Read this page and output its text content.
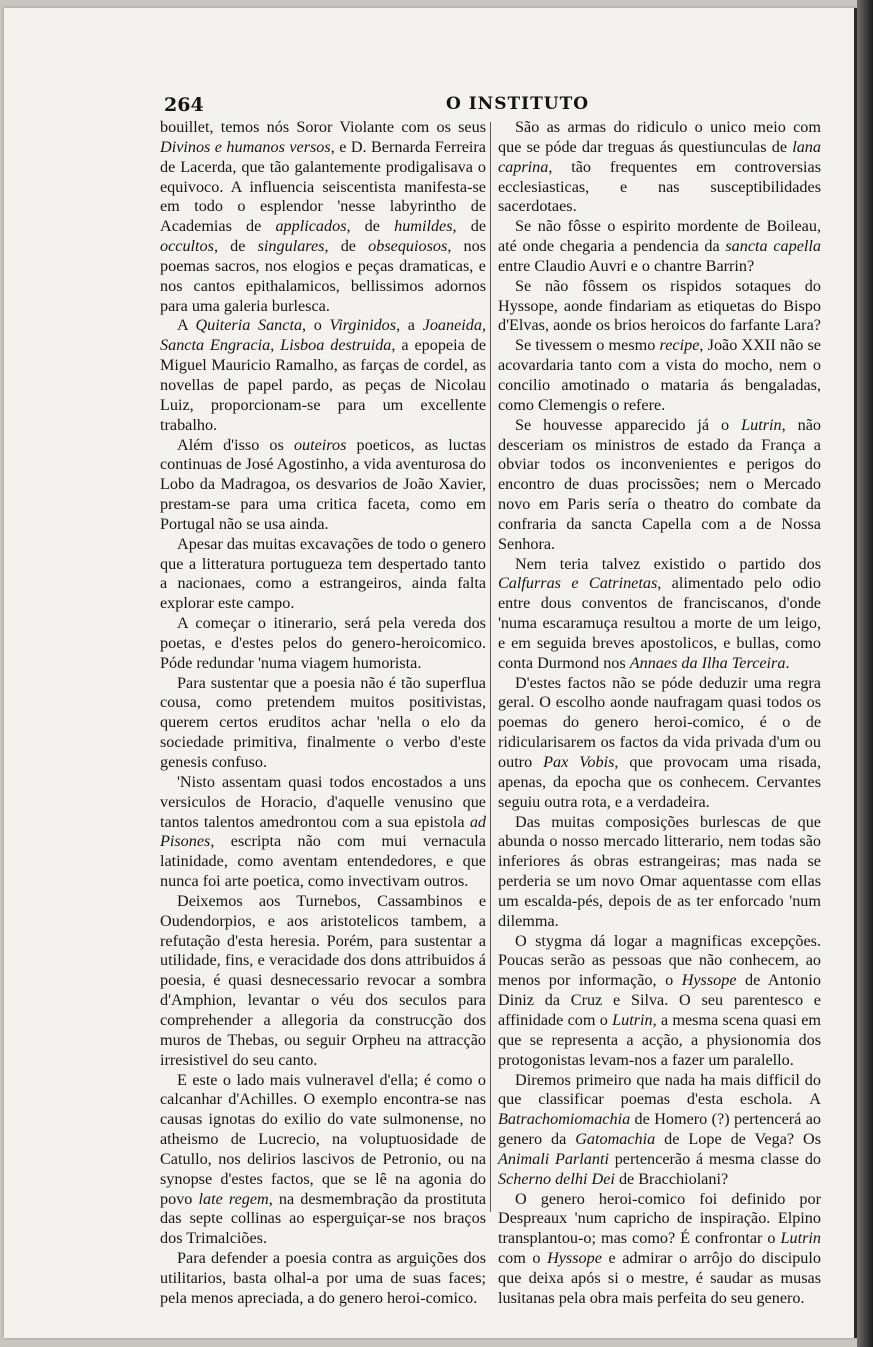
264	O INSTITUTO

bouillet, temos nós Soror Violante com os seus Divinos e humanos versos, e D. Bernarda Ferreira de Lacerda, que tão galantemente prodigalisava o equivoco. A influencia seiscentista manifesta-se em todo o esplendor 'nesse labyrintho de Academias de applicados, de humildes, de occultos, de singulares, de obsequiosos, nos poemas sacros, nos elogios e peças dramaticas, e nos cantos epithalamicos, bellissimos adornos para uma galeria burlesca.

A Quiteria Sancta, o Virginidos, a Joaneida, Sancta Engracia, Lisboa destruida, a epopeia de Miguel Mauricio Ramalho, as farças de cordel, as novellas de papel pardo, as peças de Nicolau Luiz, proporcionam-se para um excellente trabalho.

Além d'isso os outeiros poeticos, as luctas continuas de José Agostinho, a vida aventurosa do Lobo da Madragoa, os desvarios de João Xavier, prestam-se para uma critica faceta, como em Portugal não se usa ainda.

Apesar das muitas excavações de todo o genero que a litteratura portugueza tem despertado tanto a nacionaes, como a estrangeiros, ainda falta explorar este campo.

A começar o itinerario, será pela vereda dos poetas, e d'estes pelos do genero-heroicomico. Póde redundar 'numa viagem humoristа.

Para sustentar que a poesia não é tão superflua cousa, como pretendem muitos positivistas, querem certos eruditos achar 'nella o elo da sociedade primitiva, finalmente o verbo d'este genesis confuso.

'Nisto assentam quasi todos encostados a uns versiculos de Horacio, d'aquelle venusino que tantos talentos amedrontou com a sua epistola ad Pisones, escripta não com mui vernacula latinidade, como aventam entendedores, e que nunca foi arte poetica, como invectivam outros.

Deixemos aos Turnebos, Cassambinos e Oudendorpios, e aos aristotelicos tambem, a refutação d'esta heresia. Porém, para sustentar a utilidade, fins, e veracidade dos dons attribuidos á poesia, é quasi desnecessario revocar a sombra d'Amphion, levantar o véu dos seculos para comprehender a allegoria da construcção dos muros de Thebas, ou seguir Orpheu na attracção irresistivel do seu canto.

E este o lado mais vulneravel d'ella; é como o calcanhar d'Achilles. O exemplo encontra-se nas causas ignotas do exilio do vate sulmonense, no atheismo de Lucrecio, na voluptuosidade de Catullo, nos delirios lascivos de Petronio, ou na synopse d'estes factos, que se lê na agonia do povo late regem, na desmembração da prostituta das septe collinas ao esperguiçar-se nos braços dos Trimalciões.

Para defender a poesia contra as arguições dos utilitarios, basta olhal-a por uma de suas faces; pela menos apreciada, a do genero heroi-comico.

São as armas do ridiculo o unico meio com que se póde dar treguas ás questiunculas de lana caprina, tão frequentes em controversias ecclesiasticas, e nas susceptibilidades sacerdotaes.

Se não fôsse o espirito mordente de Boileau, até onde chegaria a pendencia da sancta capella entre Claudio Auvri e o chantre Barrin?

Se não fôssem os rispidos sotaques do Hyssope, aonde findariam as etiquetas do Bispo d'Elvas, aonde os brios heroicos do farfante Lara?

Se tivessem o mesmo recipe, João XXII não se acovardaria tanto com a vista do mocho, nem o concilio amotinado o mataria ás bengaladas, como Clemengis o refere.

Se houvesse apparecido já o Lutrin, não desceriam os ministros de estado da França a obviar todos os inconvenientes e perigos do encontro de duas procissões; nem o Mercado novo em Paris sería o theatro do combate da confraria da sancta Capella com a de Nossa Senhora.

Nem teria talvez existido o partido dos Calfurras e Catrinetas, alimentado pelo odio entre dous conventos de franciscanos, d'onde 'numa escaramuça resultou a morte de um leigo, e em seguida breves apostolicos, e bullas, como conta Durmond nos Annaes da Ilha Terceira.

D'estes factos não se póde deduzir uma regra geral. O escolho aonde naufragam quasi todos os poemas do genero heroi-comico, é o de ridicularisarem os factos da vida privada d'um ou outro Pax Vobis, que provocam uma risada, apenas, da epocha que os conhecem. Cervantes seguiu outra rota, e a verdadeira.

Das muitas composições burlescas de que abunda o nosso mercado litterario, nem todas são inferiores ás obras estrangeiras; mas nada se perderia se um novo Omar aquentasse com ellas um escalda-pés, depois de as ter enforcado 'num dilemma.

O stygma dá logar a magnificas excepções. Poucas serão as pessoas que não conhecem, ao menos por informação, o Hyssope de Antonio Diniz da Cruz e Silva. O seu parentesco e affinidade com o Lutrin, a mesma scena quasi em que se representa a acção, a physionomia dos protogonistas levam-nos a fazer um paralello.

Diremos primeiro que nada ha mais difficil do que classificar poemas d'esta escholа. A Batrachomiomachia de Homero (?) pertencerá ao genero da Gatomachia de Lope de Vega? Os Animali Parlanti pertencerão á mesma classe do Scherno delhi Dei de Bracchiolani?

O genero heroi-comico foi definido por Despreaux 'num capricho de inspiração. Elpino transplantou-o; mas como? É confrontar o Lutrin com o Hyssope e admirar o arrôjo do discipulo que deixa após si o mestre, é saudar as musas lusitanas pela obra mais perfeita do seu genero.
